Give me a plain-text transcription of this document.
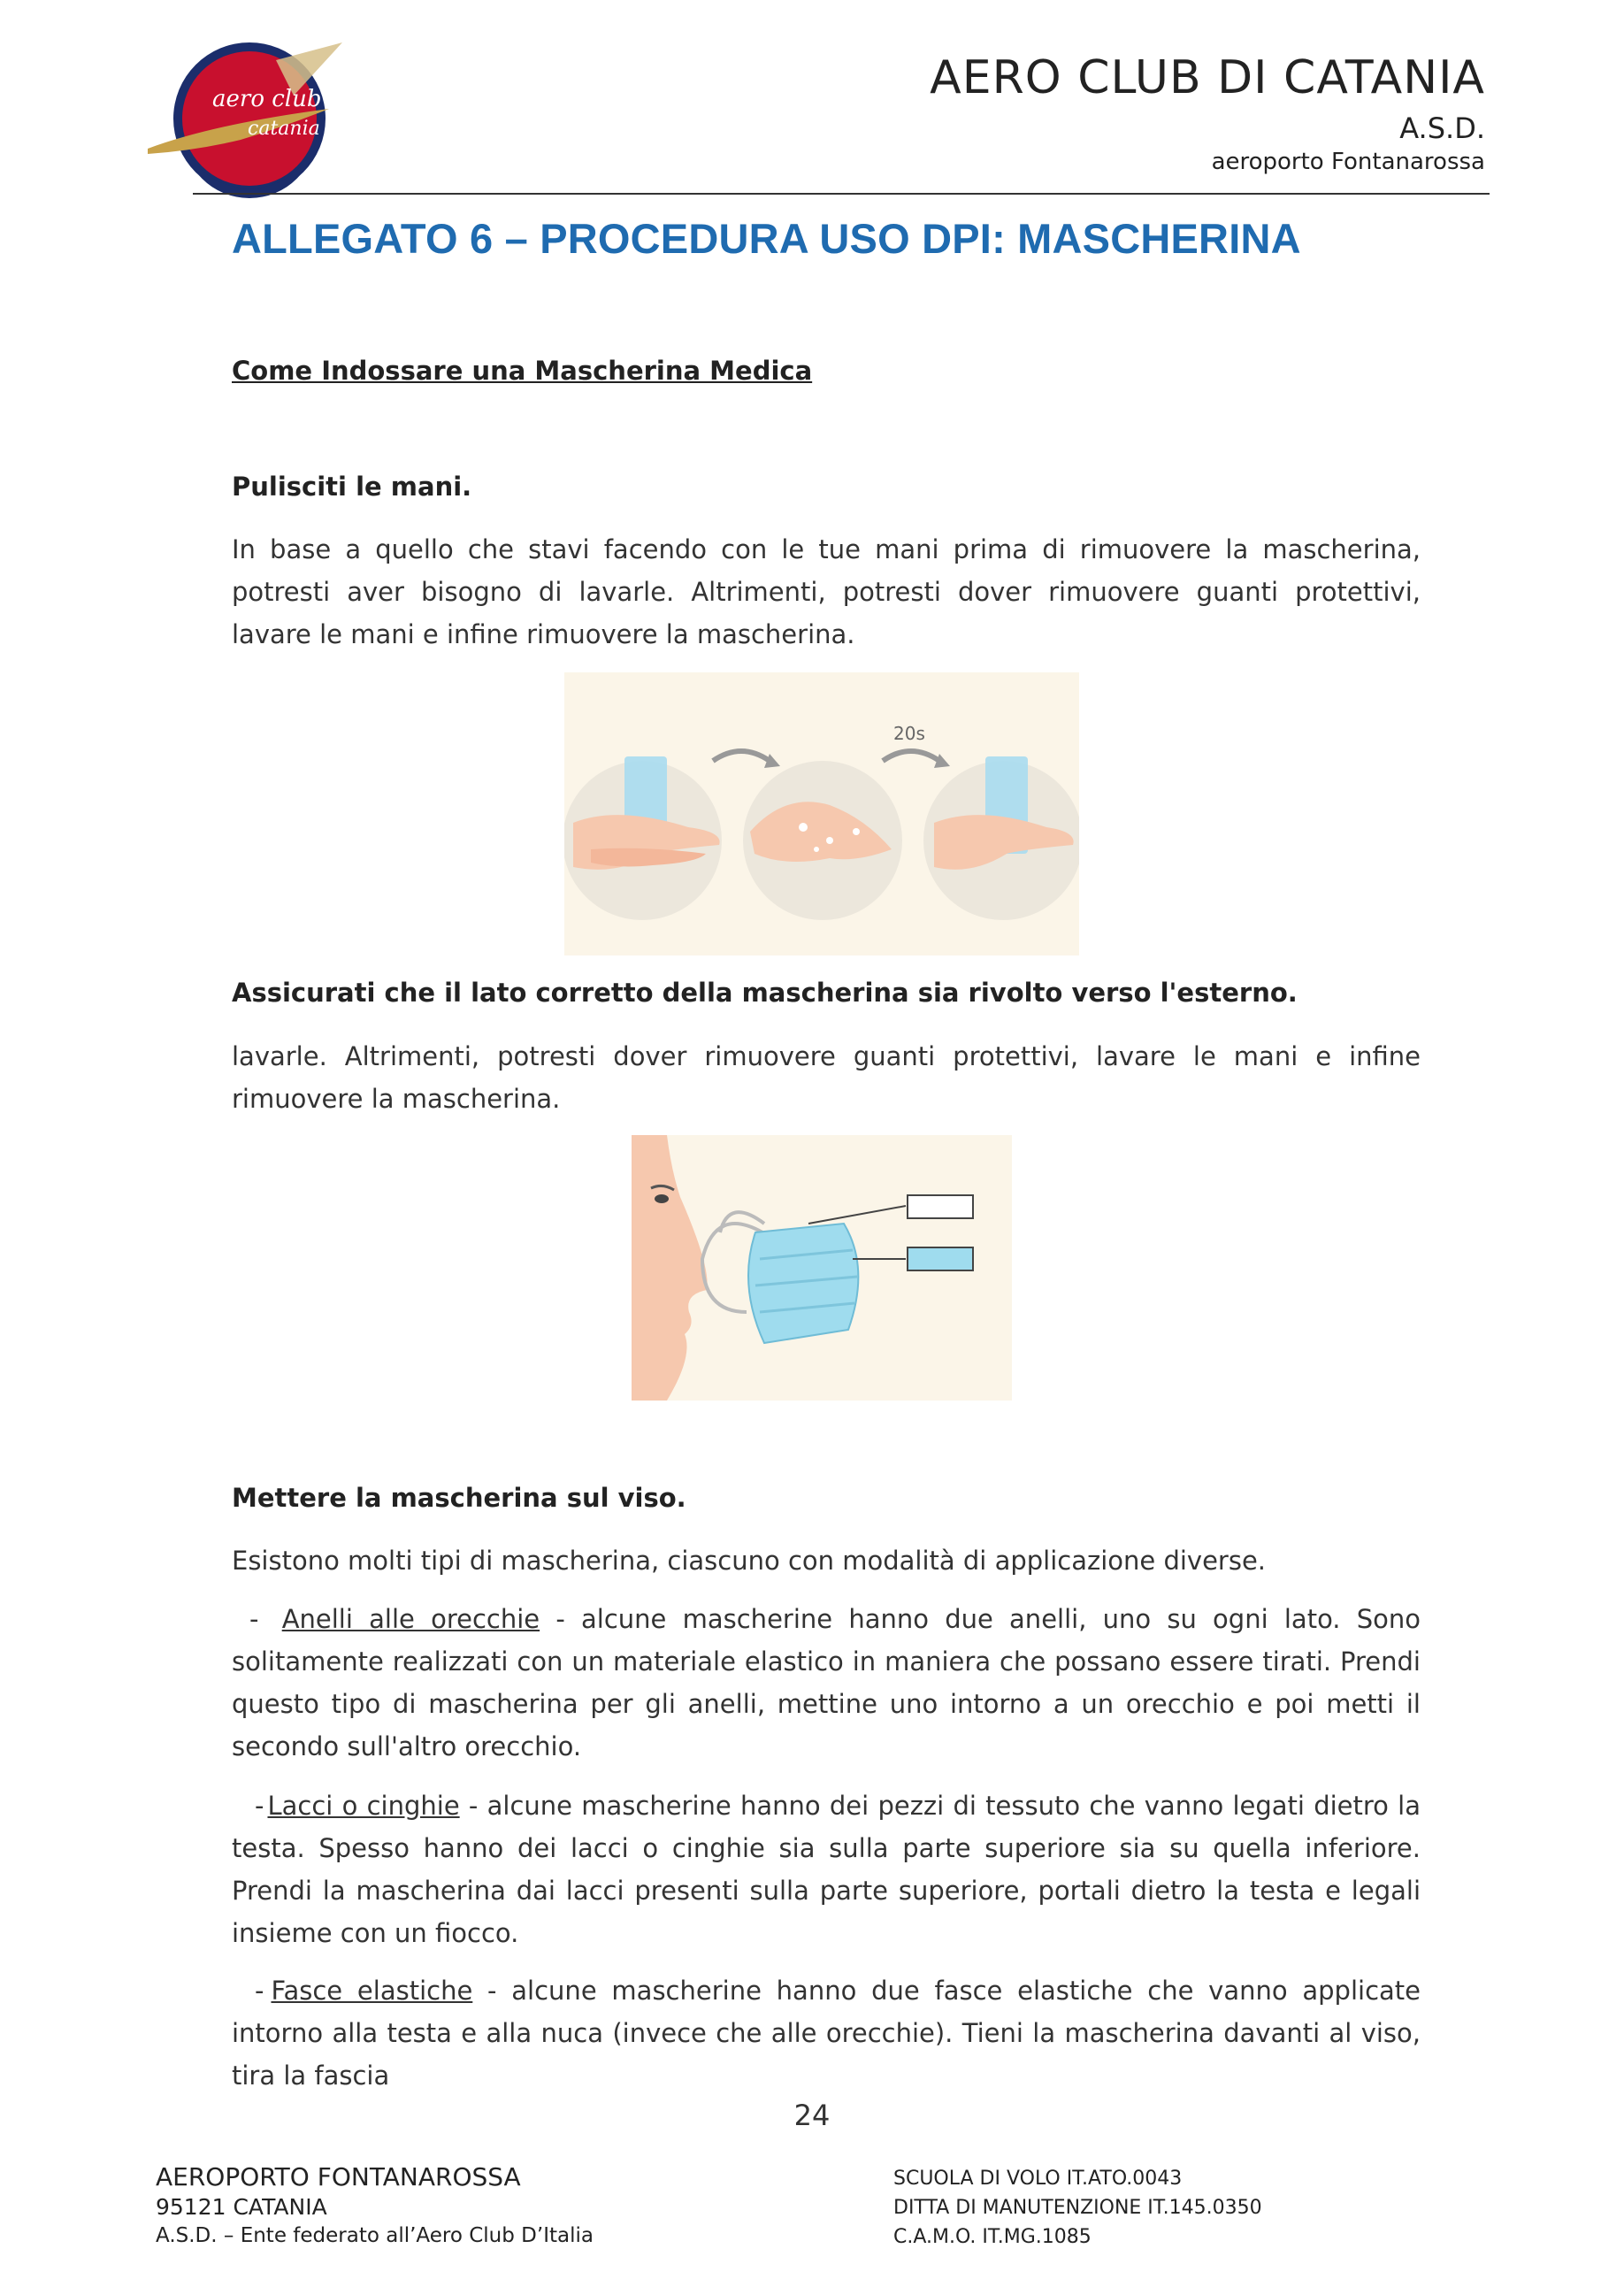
aero club
catania
AERO CLUB DI CATANIA
A.S.D.
aeroporto Fontanarossa
ALLEGATO 6 – PROCEDURA USO DPI: MASCHERINA
Come Indossare una Mascherina Medica
Pulisciti le mani.
In base a quello che stavi facendo con le tue mani prima di rimuovere la mascherina, potresti aver bisogno di lavarle. Altrimenti, potresti dover rimuovere guanti protettivi, lavare le mani e infine rimuovere la mascherina.
20s
Assicurati che il lato corretto della mascherina sia rivolto verso l'esterno.
lavarle. Altrimenti, potresti dover rimuovere guanti protettivi, lavare le mani e infine rimuovere la mascherina.
Mettere la mascherina sul viso.
Esistono molti tipi di mascherina, ciascuno con modalità di applicazione diverse.
- Anelli alle orecchie - alcune mascherine hanno due anelli, uno su ogni lato. Sono solitamente realizzati con un materiale elastico in maniera che possano essere tirati. Prendi questo tipo di mascherina per gli anelli, mettine uno intorno a un orecchio e poi metti il secondo sull'altro orecchio.
- Lacci o cinghie - alcune mascherine hanno dei pezzi di tessuto che vanno legati dietro la testa. Spesso hanno dei lacci o cinghie sia sulla parte superiore sia su quella inferiore. Prendi la mascherina dai lacci presenti sulla parte superiore, portali dietro la testa e legali insieme con un fiocco.
- Fasce elastiche - alcune mascherine hanno due fasce elastiche che vanno applicate intorno alla testa e alla nuca (invece che alle orecchie). Tieni la mascherina davanti al viso, tira la fascia
24
AEROPORTO FONTANAROSSA
95121 CATANIA
A.S.D. – Ente federato all’Aero Club D’Italia
SCUOLA DI VOLO IT.ATO.0043
DITTA DI MANUTENZIONE IT.145.0350
C.A.M.O. IT.MG.1085
